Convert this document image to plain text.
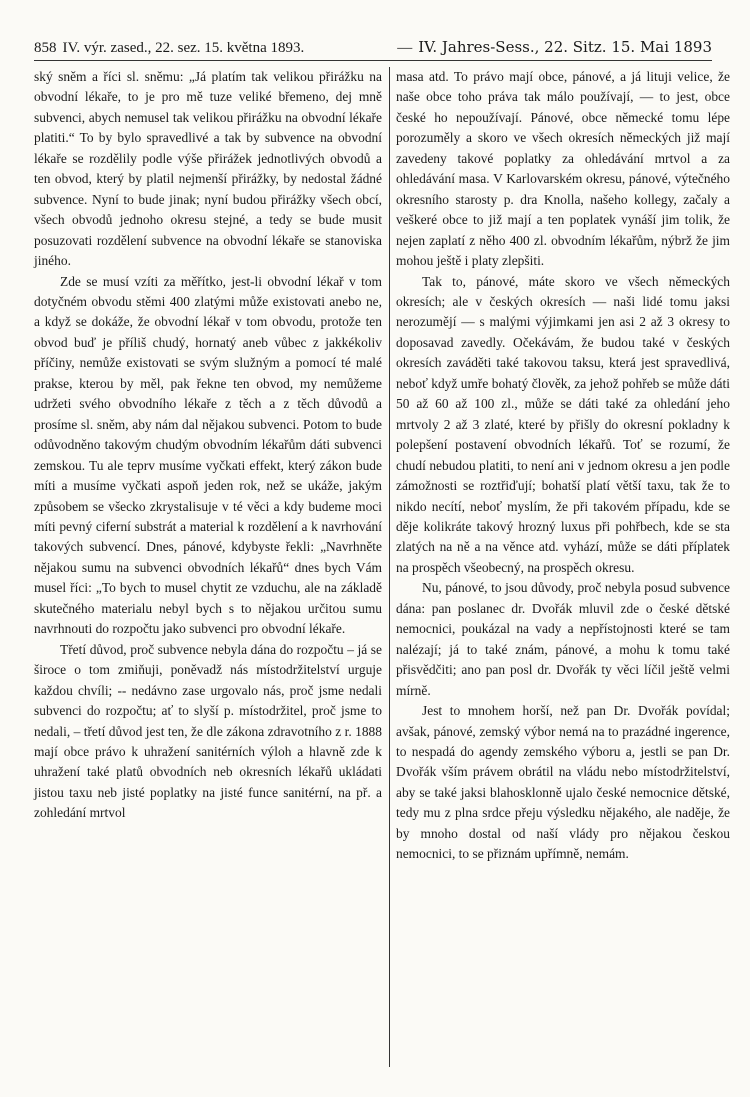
858 IV. výr. zased., 22. sez. 15. května 1893.	— IV. Jahres-Sess., 22. Sitz. 15. Mai 1893

ský sněm a říci sl. sněmu: „Já platím tak velikou přirážku na obvodní lékaře, to je pro mě tuze veliké břemeno, dej mně subvenci, abych nemusel tak velikou přirážku na obvodní lékaře platiti.“ To by bylo spravedlivé a tak by subvence na obvodní lékaře se rozdělily podle výše přirážek jednotlivých obvodů a ten obvod, který by platil nejmenší přirážky, by nedostal žádné subvence. Nyní to bude jinak; nyní budou přirážky všech obcí, všech obvodů jednoho okresu stejné, a tedy se bude musit posuzovati rozdělení subvence na obvodní lékaře se stanoviska jiného.

Zde se musí vzíti za měřítko, jest-li obvodní lékař v tom dotyčném obvodu stěmi 400 zlatými může existovati anebo ne, a když se dokáže, že obvodní lékař v tom obvodu, protože ten obvod buď je příliš chudý, hornatý aneb vůbec z jakkékoliv příčiny, nemůže existovati se svým služným a pomocí té malé prakse, kterou by měl, pak řekne ten obvod, my nemůžeme udržeti svého obvodního lékaře z těch a z těch důvodů a prosíme sl. sněm, aby nám dal nějakou subvenci. Potom to bude odůvodněno takovým chudým obvodním lékařům dáti subvenci zemskou. Tu ale teprv musíme vyčkati effekt, který zákon bude míti a musíme vyčkati aspoň jeden rok, než se ukáže, jakým způsobem se všecko zkrystalisuje v té věci a kdy budeme moci míti pevný ciferní substrát a material k rozdělení a k navrhování takových subvencí. Dnes, pánové, kdybyste řekli: „Navrhněte nějakou sumu na subvenci obvodních lékařů“ dnes bych Vám musel říci: „To bych to musel chytit ze vzduchu, ale na základě skutečného materialu nebyl bych s to nějakou určitou sumu navrhnouti do rozpočtu jako subvenci pro obvodní lékaře.

Třetí důvod, proč subvence nebyla dána do rozpočtu – já se široce o tom zmiňuji, poněvadž nás místodržitelství urguje každou chvíli; -- nedávno zase urgovalo nás, proč jsme nedali subvenci do rozpočtu; ať to slyší p. místodržitel, proč jsme to nedali, – třetí důvod jest ten, že dle zákona zdravotního z r. 1888 mají obce právo k uhražení sanitérních výloh a hlavně zde k uhražení také platů obvodních neb okresních lékařů ukládati jistou taxu neb jisté poplatky na jisté funce sanitérní, na př. a zohledání mrtvol

masa atd. To právo mají obce, pánové, a já lituji velice, že naše obce toho práva tak málo používají, — to jest, obce české ho nepoužívají. Pánové, obce německé tomu lépe porozuměly a skoro ve všech okresích německých již mají zavedeny takové poplatky za ohledávání mrtvol a za ohledávání masa. V Karlovarském okresu, pánové, výtečného okresního starosty p. dra Knolla, našeho kollegy, začaly a veškeré obce to již mají a ten poplatek vynáší jim tolik, že nejen zaplatí z něho 400 zl. obvodním lékařům, nýbrž že jim mohou ještě i platy zlepšiti.

Tak to, pánové, máte skoro ve všech německých okresích; ale v českých okresích — naši lidé tomu jaksi nerozumějí — s malými výjimkami jen asi 2 až 3 okresy to doposavad zavedly. Očekávám, že budou také v českých okresích zaváděti také takovou taksu, která jest spravedlivá, neboť když umře bohatý člověk, za jehož pohřeb se může dáti 50 až 60 až 100 zl., může se dáti také za ohledání jeho mrtvoly 2 až 3 zlaté, které by přišly do okresní pokladny k polepšení postavení obvodních lékařů. Toť se rozumí, že chudí nebudou platiti, to není ani v jednom okresu a jen podle zámožnosti se roztřiďují; bohatší platí větší taxu, tak že to nikdo necítí, neboť myslím, že při takovém případu, kde se děje kolikráte takový hrozný luxus při pohřbech, kde se sta zlatých na ně a na věnce atd. vyhází, může se dáti příplatek na prospěch všeobecný, na prospěch okresu.

Nu, pánové, to jsou důvody, proč nebyla posud subvence dána: pan poslanec dr. Dvořák mluvil zde o české dětské nemocnici, poukázal na vady a nepřístojnosti které se tam nalézají; já to také znám, pánové, a mohu k tomu také přisvědčiti; ano pan posl dr. Dvořák ty věci líčil ještě velmi mírně.

Jest to mnohem horší, než pan Dr. Dvořák povídal; avšak, pánové, zemský výbor nemá na to prazádné ingerence, to nespadá do agendy zemského výboru a, jestli se pan Dr. Dvořák vším právem obrátil na vládu nebo místodržitelství, aby se také jaksi blahosklonně ujalo české nemocnice dětské, tedy mu z plna srdce přeju výsledku nějakého, ale naděje, že by mnoho dostal od naší vlády pro nějakou českou nemocnici, to se přiznám upřímně, nemám.
